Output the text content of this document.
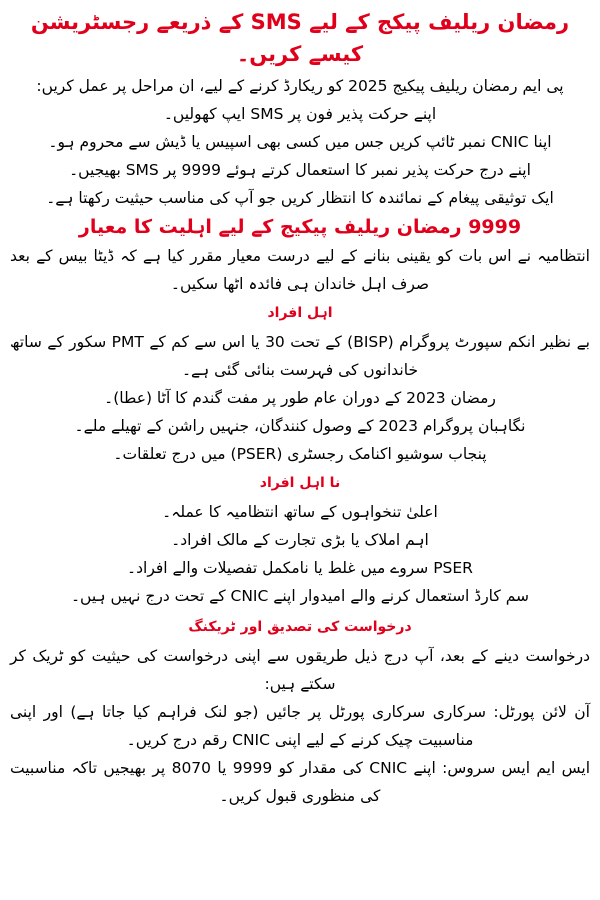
رمضان ریلیف پیکج کے لیے SMS کے ذریعے رجسٹریشن کیسے کریں۔

پی ایم رمضان ریلیف پیکیج 2025 کو ریکارڈ کرنے کے لیے، ان مراحل پر عمل کریں:

اپنے حرکت پذیر فون پر SMS ایپ کھولیں۔

اپنا CNIC نمبر ٹائپ کریں جس میں کسی بھی اسپیس یا ڈیش سے محروم ہو۔

اپنے درج حرکت پذیر نمبر کا استعمال کرتے ہوئے 9999 پر SMS بھیجیں۔

ایک توثیقی پیغام کے نمائندہ کا انتظار کریں جو آپ کی مناسب حیثیت رکھتا ہے۔

9999 رمضان ریلیف پیکیج کے لیے اہلیت کا معیار

انتظامیہ نے اس بات کو یقینی بنانے کے لیے درست معیار مقرر کیا ہے کہ ڈیٹا بیس کے بعد صرف اہل خاندان ہی فائدہ اٹھا سکیں۔

اہل افراد

بے نظیر انکم سپورٹ پروگرام (BISP) کے تحت 30 یا اس سے کم کے PMT سکور کے ساتھ خاندانوں کی فہرست بنائی گئی ہے۔

رمضان 2023 کے دوران عام طور پر مفت گندم کا آٹا (عطا)۔

نگاہبان پروگرام 2023 کے وصول کنندگان، جنہیں راشن کے تھیلے ملے۔

پنجاب سوشیو اکنامک رجسٹری (PSER) میں درج تعلقات۔

نا اہل افراد

اعلیٰ تنخواہوں کے ساتھ انتظامیہ کا عملہ۔

اہم املاک یا بڑی تجارت کے مالک افراد۔

PSER سروے میں غلط یا نامکمل تفصیلات والے افراد۔

سم کارڈ استعمال کرنے والے امیدوار اپنے CNIC کے تحت درج نہیں ہیں۔

درخواست کی تصدیق اور ٹریکنگ

درخواست دینے کے بعد، آپ درج ذیل طریقوں سے اپنی درخواست کی حیثیت کو ٹریک کر سکتے ہیں:

آن لائن پورٹل: سرکاری سرکاری پورٹل پر جائیں (جو لنک فراہم کیا جاتا ہے) اور اپنی مناسبیت چیک کرنے کے لیے اپنی CNIC رقم درج کریں۔

ایس ایم ایس سروس: اپنے CNIC کی مقدار کو 9999 یا 8070 پر بھیجیں تاکہ مناسبیت کی منظوری قبول کریں۔
